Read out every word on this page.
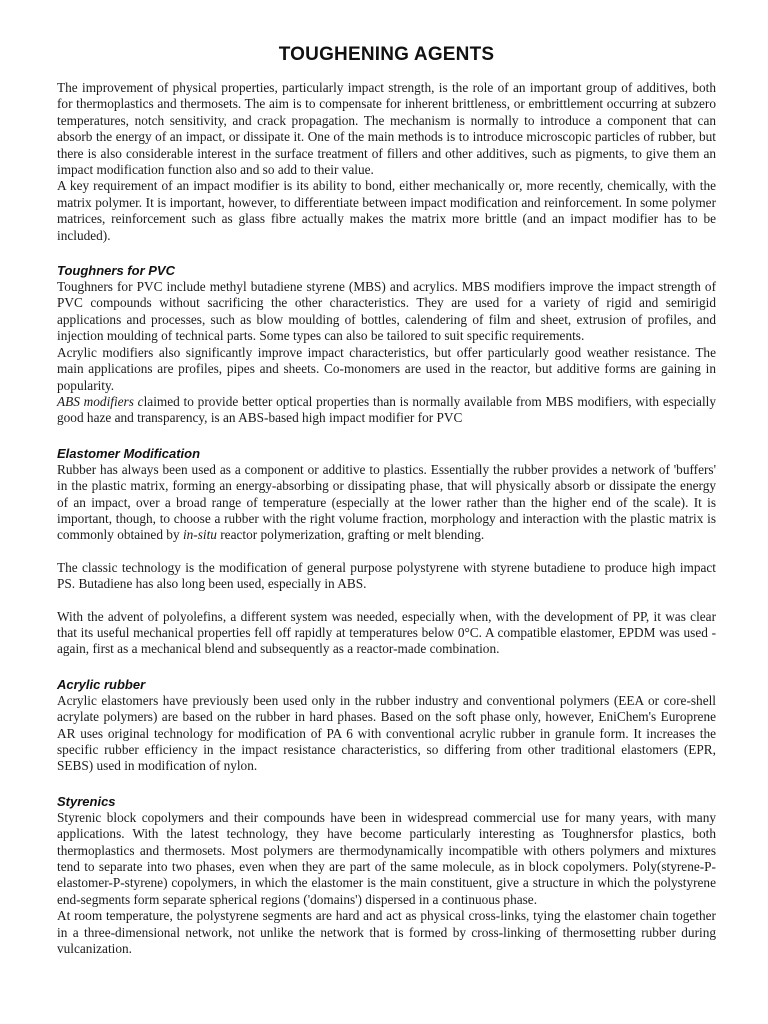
TOUGHENING AGENTS

The improvement of physical properties, particularly impact strength, is the role of an important group of additives, both for thermoplastics and thermosets. The aim is to compensate for inherent brittleness, or embrittlement occurring at subzero temperatures, notch sensitivity, and crack propagation. The mechanism is normally to introduce a component that can absorb the energy of an impact, or dissipate it. One of the main methods is to introduce microscopic particles of rubber, but there is also considerable interest in the surface treatment of fillers and other additives, such as pigments, to give them an impact modification function also and so add to their value.

A key requirement of an impact modifier is its ability to bond, either mechanically or, more recently, chemically, with the matrix polymer. It is important, however, to differentiate between impact modification and reinforcement. In some polymer matrices, reinforcement such as glass fibre actually makes the matrix more brittle (and an impact modifier has to be included).

Toughners for PVC

Toughners for PVC include methyl butadiene styrene (MBS) and acrylics. MBS modifiers improve the impact strength of PVC compounds without sacrificing the other characteristics. They are used for a variety of rigid and semirigid applications and processes, such as blow moulding of bottles, calendering of film and sheet, extrusion of profiles, and injection moulding of technical parts. Some types can also be tailored to suit specific requirements.

Acrylic modifiers also significantly improve impact characteristics, but offer particularly good weather resistance. The main applications are profiles, pipes and sheets. Co-monomers are used in the reactor, but additive forms are gaining in popularity.

ABS modifiers claimed to provide better optical properties than is normally available from MBS modifiers, with especially good haze and transparency, is an ABS-based high impact modifier for PVC

Elastomer Modification

Rubber has always been used as a component or additive to plastics. Essentially the rubber provides a network of 'buffers' in the plastic matrix, forming an energy-absorbing or dissipating phase, that will physically absorb or dissipate the energy of an impact, over a broad range of temperature (especially at the lower rather than the higher end of the scale). It is important, though, to choose a rubber with the right volume fraction, morphology and interaction with the plastic matrix is commonly obtained by in-situ reactor polymerization, grafting or melt blending.

The classic technology is the modification of general purpose polystyrene with styrene butadiene to produce high impact PS. Butadiene has also long been used, especially in ABS.

With the advent of polyolefins, a different system was needed, especially when, with the development of PP, it was clear that its useful mechanical properties fell off rapidly at temperatures below 0°C. A compatible elastomer, EPDM was used - again, first as a mechanical blend and subsequently as a reactor-made combination.

Acrylic rubber

Acrylic elastomers have previously been used only in the rubber industry and conventional polymers (EEA or core-shell acrylate polymers) are based on the rubber in hard phases. Based on the soft phase only, however, EniChem's Europrene AR uses original technology for modification of PA 6 with conventional acrylic rubber in granule form. It increases the specific rubber efficiency in the impact resistance characteristics, so differing from other traditional elastomers (EPR, SEBS) used in modification of nylon.

Styrenics

Styrenic block copolymers and their compounds have been in widespread commercial use for many years, with many applications. With the latest technology, they have become particularly interesting as Toughnersfor plastics, both thermoplastics and thermosets. Most polymers are thermodynamically incompatible with others polymers and mixtures tend to separate into two phases, even when they are part of the same molecule, as in block copolymers. Poly(styrene-P-elastomer-P-styrene) copolymers, in which the elastomer is the main constituent, give a structure in which the polystyrene end-segments form separate spherical regions ('domains') dispersed in a continuous phase.

At room temperature, the polystyrene segments are hard and act as physical cross-links, tying the elastomer chain together in a three-dimensional network, not unlike the network that is formed by cross-linking of thermosetting rubber during vulcanization.
